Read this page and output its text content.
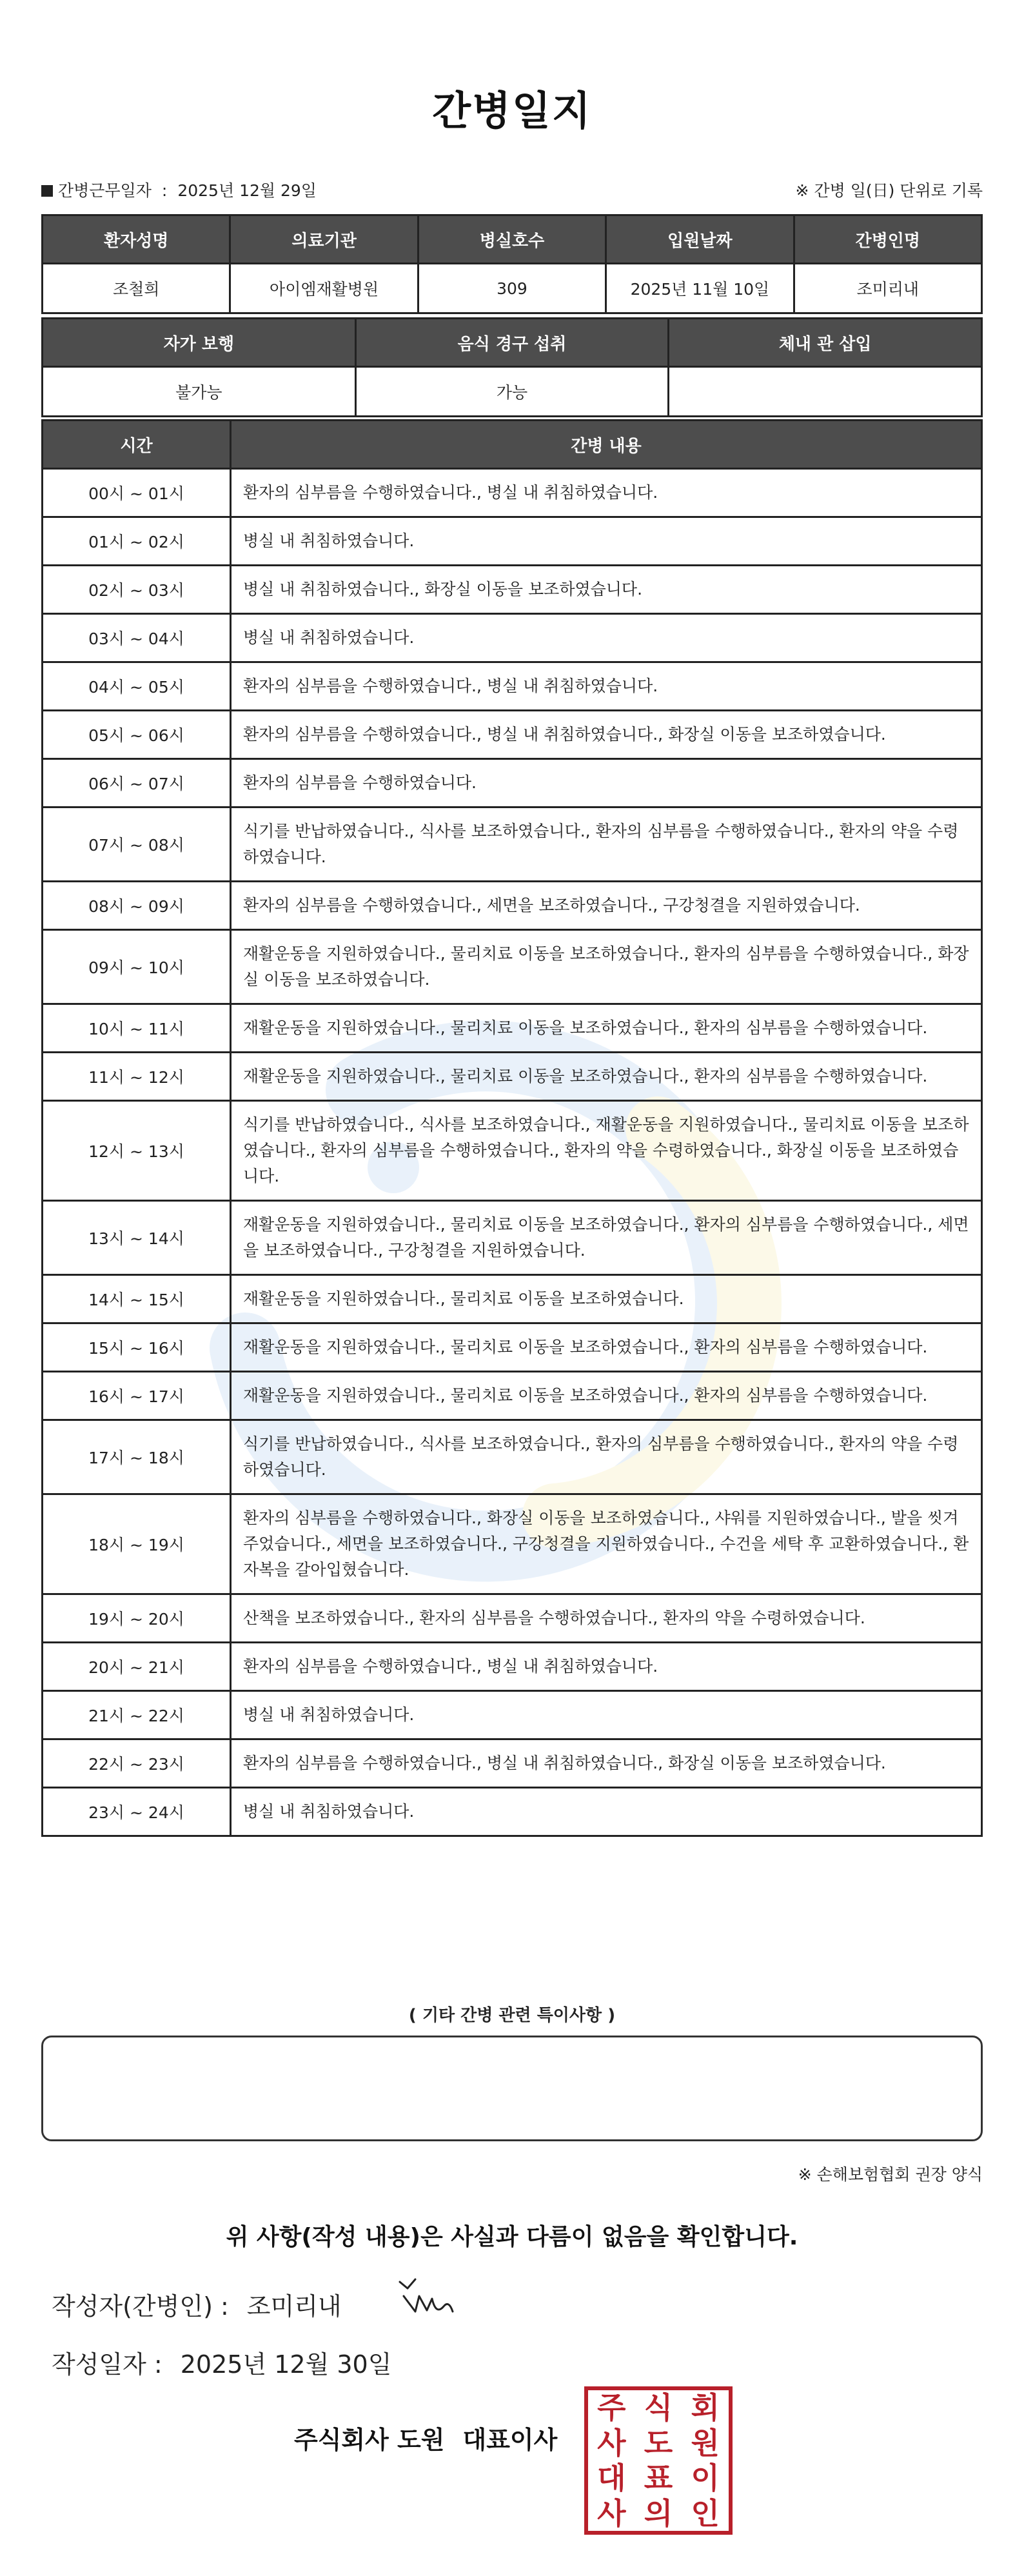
간병일지
간병근무일자 : 2025년 12월 29일	※ 간병 일(日) 단위로 기록
환자성명	의료기관	병실호수	입원날짜	간병인명
조철희	아이엠재활병원	309	2025년 11월 10일	조미리내
자가 보행	음식 경구 섭취	체내 관 삽입
불가능	가능	
시간	간병 내용
00시 ~ 01시	환자의 심부름을 수행하였습니다., 병실 내 취침하였습니다.
01시 ~ 02시	병실 내 취침하였습니다.
02시 ~ 03시	병실 내 취침하였습니다., 화장실 이동을 보조하였습니다.
03시 ~ 04시	병실 내 취침하였습니다.
04시 ~ 05시	환자의 심부름을 수행하였습니다., 병실 내 취침하였습니다.
05시 ~ 06시	환자의 심부름을 수행하였습니다., 병실 내 취침하였습니다., 화장실 이동을 보조하였습니다.
06시 ~ 07시	환자의 심부름을 수행하였습니다.
07시 ~ 08시	식기를 반납하였습니다., 식사를 보조하였습니다., 환자의 심부름을 수행하였습니다., 환자의 약을 수령하였습니다.
08시 ~ 09시	환자의 심부름을 수행하였습니다., 세면을 보조하였습니다., 구강청결을 지원하였습니다.
09시 ~ 10시	재활운동을 지원하였습니다., 물리치료 이동을 보조하였습니다., 환자의 심부름을 수행하였습니다., 화장실 이동을 보조하였습니다.
10시 ~ 11시	재활운동을 지원하였습니다., 물리치료 이동을 보조하였습니다., 환자의 심부름을 수행하였습니다.
11시 ~ 12시	재활운동을 지원하였습니다., 물리치료 이동을 보조하였습니다., 환자의 심부름을 수행하였습니다.
12시 ~ 13시	식기를 반납하였습니다., 식사를 보조하였습니다., 재활운동을 지원하였습니다., 물리치료 이동을 보조하였습니다., 환자의 심부름을 수행하였습니다., 환자의 약을 수령하였습니다., 화장실 이동을 보조하였습니다.
13시 ~ 14시	재활운동을 지원하였습니다., 물리치료 이동을 보조하였습니다., 환자의 심부름을 수행하였습니다., 세면을 보조하였습니다., 구강청결을 지원하였습니다.
14시 ~ 15시	재활운동을 지원하였습니다., 물리치료 이동을 보조하였습니다.
15시 ~ 16시	재활운동을 지원하였습니다., 물리치료 이동을 보조하였습니다., 환자의 심부름을 수행하였습니다.
16시 ~ 17시	재활운동을 지원하였습니다., 물리치료 이동을 보조하였습니다., 환자의 심부름을 수행하였습니다.
17시 ~ 18시	식기를 반납하였습니다., 식사를 보조하였습니다., 환자의 심부름을 수행하였습니다., 환자의 약을 수령하였습니다.
18시 ~ 19시	환자의 심부름을 수행하였습니다., 화장실 이동을 보조하였습니다., 샤워를 지원하였습니다., 발을 씻겨주었습니다., 세면을 보조하였습니다., 구강청결을 지원하였습니다., 수건을 세탁 후 교환하였습니다., 환자복을 갈아입혔습니다.
19시 ~ 20시	산책을 보조하였습니다., 환자의 심부름을 수행하였습니다., 환자의 약을 수령하였습니다.
20시 ~ 21시	환자의 심부름을 수행하였습니다., 병실 내 취침하였습니다.
21시 ~ 22시	병실 내 취침하였습니다.
22시 ~ 23시	환자의 심부름을 수행하였습니다., 병실 내 취침하였습니다., 화장실 이동을 보조하였습니다.
23시 ~ 24시	병실 내 취침하였습니다.
( 기타 간병 관련 특이사항 )
※ 손해보험협회 권장 양식
위 사항(작성 내용)은 사실과 다름이 없음을 확인합니다.
작성자(간병인) : 조미리내
작성일자 : 2025년 12월 30일
주식회사 도원 대표이사
주 식 회
사 도 원
대 표 이
사 의 인
